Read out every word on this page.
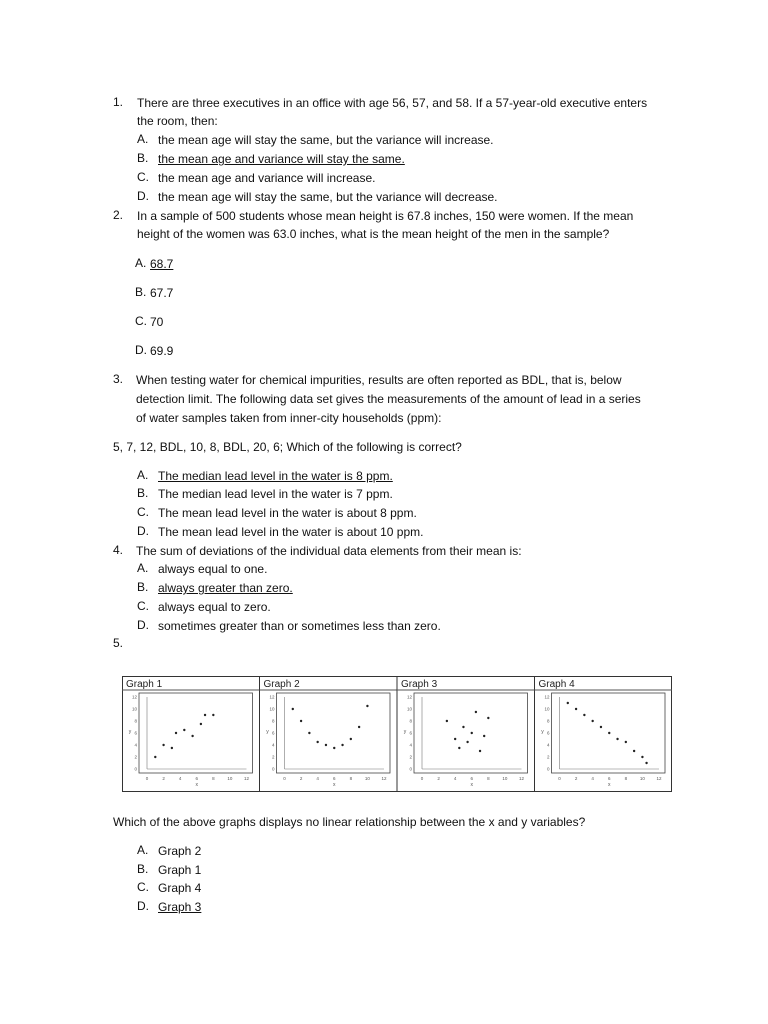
1. There are three executives in an office with age 56, 57, and 58. If a 57-year-old executive enters
the room, then:
A. the mean age will stay the same, but the variance will increase.
B. the mean age and variance will stay the same.
C. the mean age and variance will increase.
D. the mean age will stay the same, but the variance will decrease.
2. In a sample of 500 students whose mean height is 67.8 inches, 150 were women. If the mean
height of the women was 63.0 inches, what is the mean height of the men in the sample?
A. 68.7
B. 67.7
C. 70
D. 69.9
3. When testing water for chemical impurities, results are often reported as BDL, that is, below
detection limit. The following data set gives the measurements of the amount of lead in a series
of water samples taken from inner-city households (ppm):
5, 7, 12, BDL, 10, 8, BDL, 20, 6; Which of the following is correct?
A. The median lead level in the water is 8 ppm.
B. The median lead level in the water is 7 ppm.
C. The mean lead level in the water is about 8 ppm.
D. The mean lead level in the water is about 10 ppm.
4. The sum of deviations of the individual data elements from their mean is:
A. always equal to one.
B. always greater than zero.
C. always equal to zero.
D. sometimes greater than or sometimes less than zero.
5.
Graph 1
0	2	4	6	8	10	12
0
2
4
6
8
10
12
x
y
Graph 2
0	2	4	6	8	10	12
0
2
4
6
8
10
12
x
y
Graph 3
0	2	4	6	8	10	12
0
2
4
6
8
10
12
x
y
Graph 4
0	2	4	6	8	10	12
0
2
4
6
8
10
12
x
y
Which of the above graphs displays no linear relationship between the x and y variables?
A. Graph 2
B. Graph 1
C. Graph 4
D. Graph 3
